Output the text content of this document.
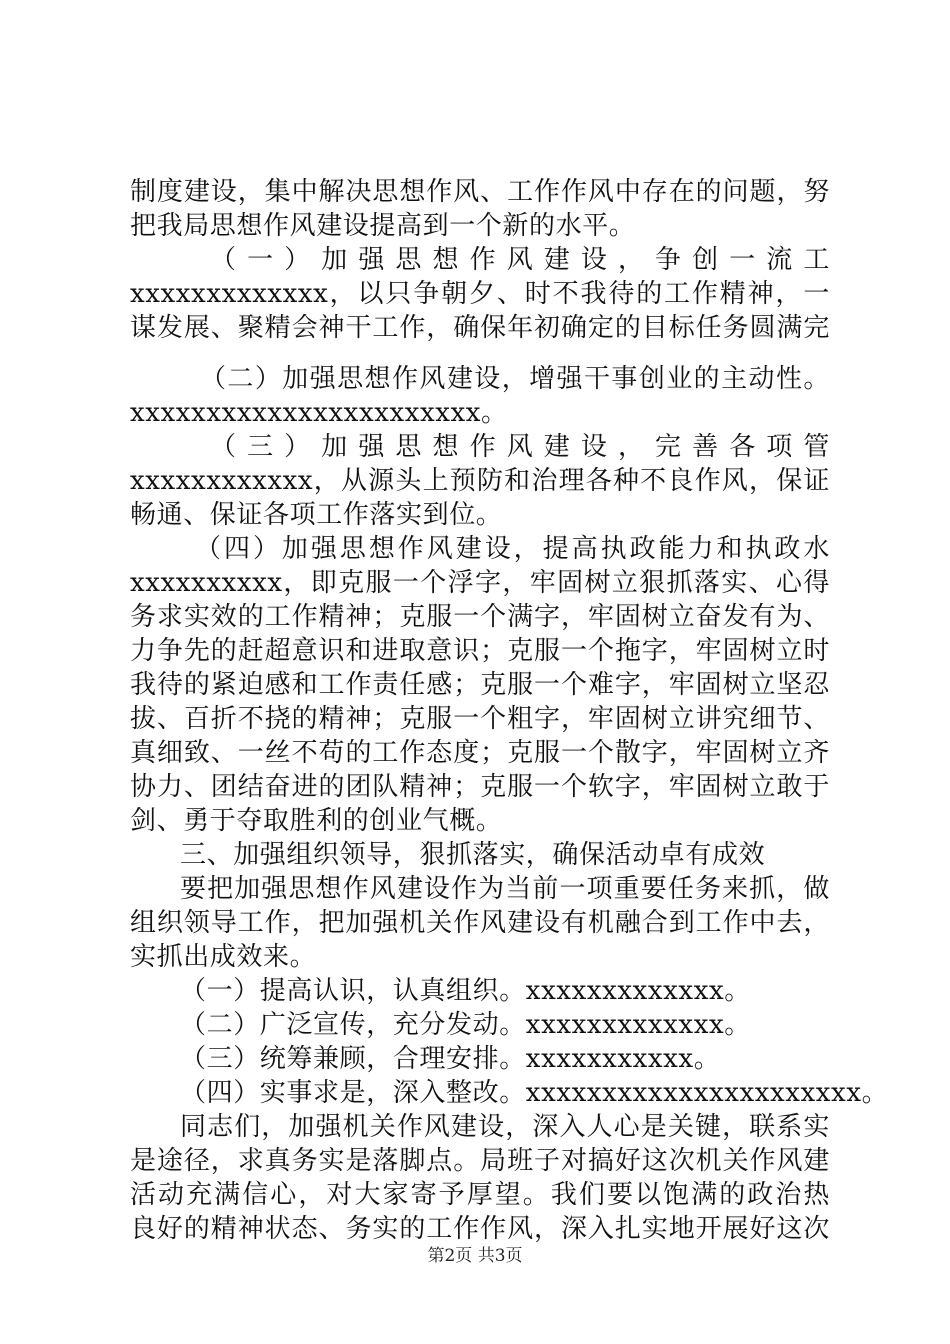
制度建设，集中解决思想作风、工作作风中存在的问题，努
把我局思想作风建设提高到一个新的水平。
（ 一 ） 加 强 思 想 作 风 建 设 ， 争 创 一 流 工
xxxxxxxxxxxxx，以只争朝夕、时不我待的工作精神，一
谋发展、聚精会神干工作，确保年初确定的目标任务圆满完
（二）加强思想作风建设，增强干事创业的主动性。
xxxxxxxxxxxxxxxxxxxxxxx。
（ 三 ） 加 强 思 想 作 风 建 设 ， 完 善 各 项 管
xxxxxxxxxxxx，从源头上预防和治理各种不良作风，保证
畅通、保证各项工作落实到位。
（四）加强思想作风建设，提高执政能力和执政水
xxxxxxxxxx，即克服一个浮字，牢固树立狠抓落实、心得
务求实效的工作精神；克服一个满字，牢固树立奋发有为、
力争先的赶超意识和进取意识；克服一个拖字，牢固树立时
我待的紧迫感和工作责任感；克服一个难字，牢固树立坚忍
拔、百折不挠的精神；克服一个粗字，牢固树立讲究细节、
真细致、一丝不苟的工作态度；克服一个散字，牢固树立齐
协力、团结奋进的团队精神；克服一个软字，牢固树立敢于
剑、勇于夺取胜利的创业气概。
三、加强组织领导，狠抓落实，确保活动卓有成效
要把加强思想作风建设作为当前一项重要任务来抓，做
组织领导工作，把加强机关作风建设有机融合到工作中去，
实抓出成效来。
（一）提高认识，认真组织。xxxxxxxxxxxxx。
（二）广泛宣传，充分发动。xxxxxxxxxxxxx。
（三）统筹兼顾，合理安排。xxxxxxxxxxx。
（四）实事求是，深入整改。xxxxxxxxxxxxxxxxxxxxxx。
同志们，加强机关作风建设，深入人心是关键，联系实
是途径，求真务实是落脚点。局班子对搞好这次机关作风建
活动充满信心，对大家寄予厚望。我们要以饱满的政治热
良好的精神状态、务实的工作作风，深入扎实地开展好这次
第2页 共3页
